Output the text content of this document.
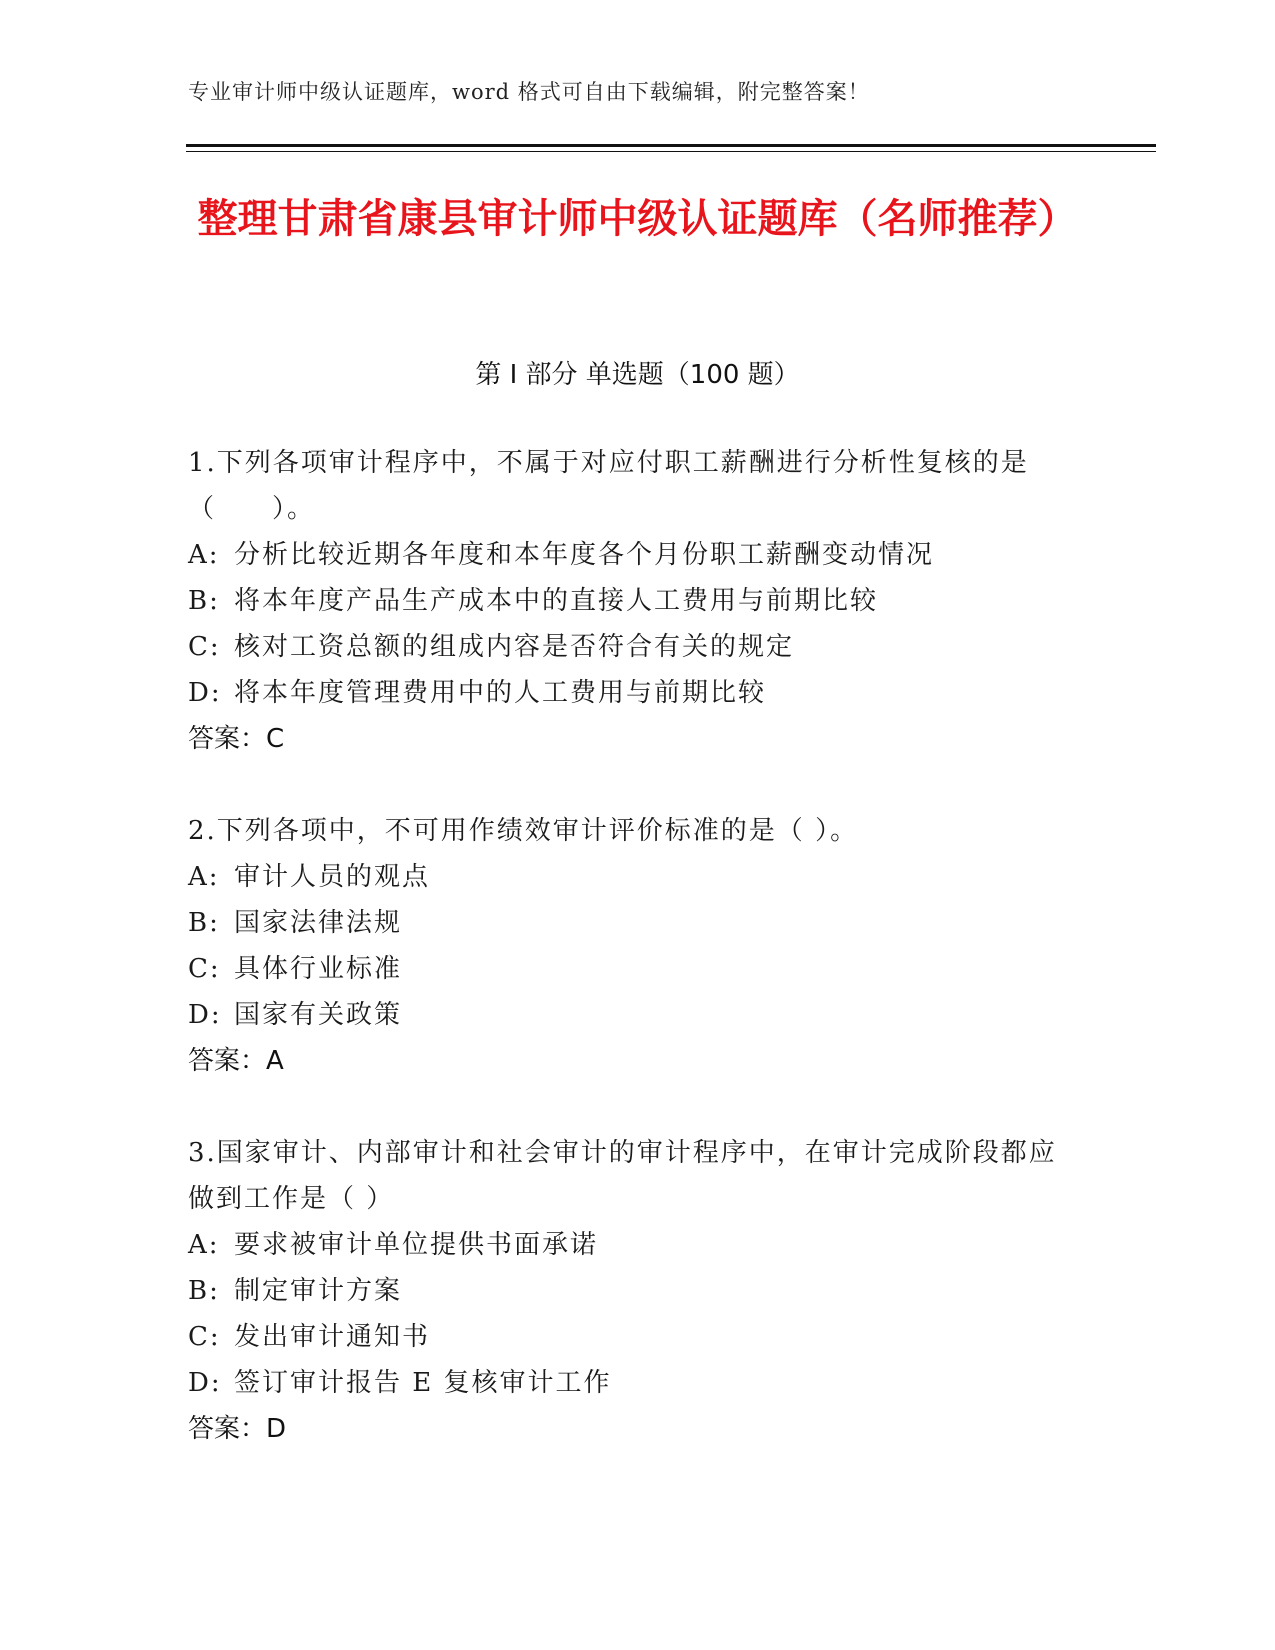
专业审计师中级认证题库，word 格式可自由下载编辑，附完整答案！
整理甘肃省康县审计师中级认证题库（名师推荐）
第 I 部分 单选题（100 题）
1.下列各项审计程序中，不属于对应付职工薪酬进行分析性复核的是（　　）。
A: 分析比较近期各年度和本年度各个月份职工薪酬变动情况
B: 将本年度产品生产成本中的直接人工费用与前期比较
C: 核对工资总额的组成内容是否符合有关的规定
D: 将本年度管理费用中的人工费用与前期比较
答案：C
2.下列各项中，不可用作绩效审计评价标准的是（ ）。
A: 审计人员的观点
B: 国家法律法规
C: 具体行业标准
D: 国家有关政策
答案：A
3.国家审计、内部审计和社会审计的审计程序中，在审计完成阶段都应做到工作是（ ）
A: 要求被审计单位提供书面承诺
B: 制定审计方案
C: 发出审计通知书
D: 签订审计报告 E 复核审计工作
答案：D
